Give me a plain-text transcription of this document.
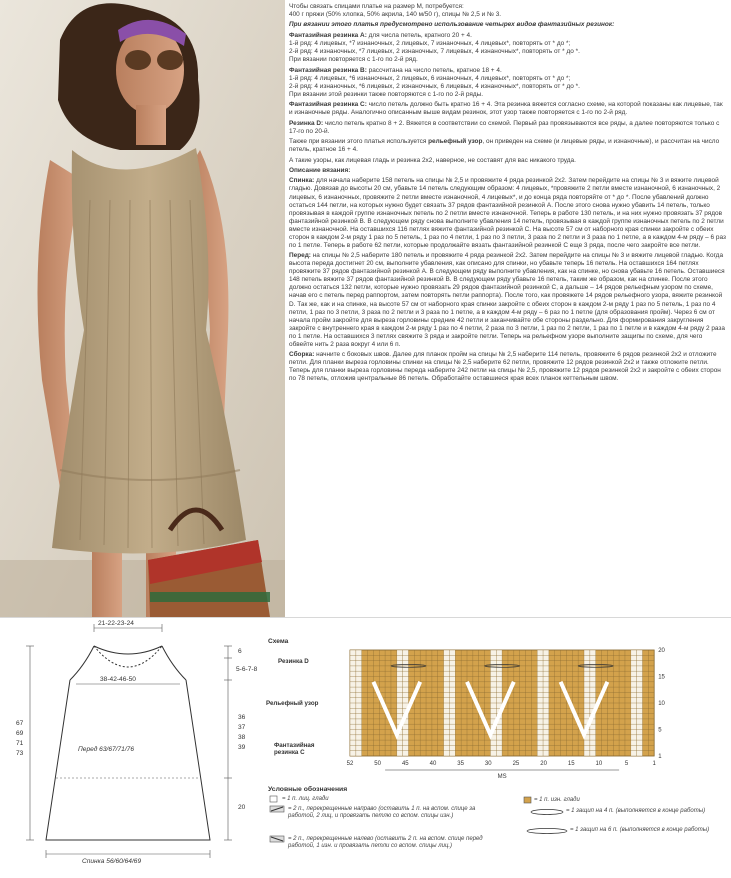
Чтобы связать спицами платье на размер М, потребуется:

400 г пряжи (50% хлопка, 50% акрила, 140 м/50 г), спицы № 2,5 и № 3.

При вязании этого платья предусмотрено использование четырех видов фантазийных резинок:

Фантазийная резинка А: для числа петель, кратного 20 + 4.
1-й ряд: 4 лицевых, *7 изнаночных, 2 лицевых, 7 изнаночных, 4 лицевых*, повторять от * до *;
2-й ряд: 4 изнаночных, *7 лицевых, 2 изнаночных, 7 лицевых, 4 изнаночных*, повторять от * до *.
При вязании повторяется с 1-го по 2-й ряд.

Фантазийная резинка В: рассчитана на число петель, кратное 18 + 4.
1-й ряд: 4 лицевых, *6 изнаночных, 2 лицевых, 6 изнаночных, 4 лицевых*, повторять от * до *;
2-й ряд: 4 изнаночных, *6 лицевых, 2 изнаночных, 6 лицевых, 4 изнаночных*, повторять от * до *.
При вязании этой резинки также повторяются с 1-го по 2-й ряды.

Фантазийная резинка С: число петель должно быть кратно 16 + 4. Эта резинка вяжется согласно схеме, на которой показаны как лицевые, так и изнаночные ряды. Аналогично описанным выше видам резинок, этот узор также повторяется с 1-го по 2-й ряд.

Резинка D: число петель кратно 8 + 2. Вяжется в соответствии со схемой. Первый раз провязываются все ряды, а далее повторяются только с 17-го по 20-й.

Также при вязании этого платья используется рельефный узор, он приведен на схеме (и лицевые ряды, и изнаночные), и рассчитан на число петель, кратное 16 + 4.

А такие узоры, как лицевая гладь и резинка 2х2, наверное, не составят для вас никакого труда.

Описание вязания:

Спинка: для начала наберите 158 петель на спицы № 2,5 и провяжите 4 ряда резинкой 2х2. Затем перейдите на спицы № 3 и вяжите лицевой гладью. Довязав до высоты 20 см, убавьте 14 петель следующим образом: 4 лицевых, *провяжите 2 петли вместе изнаночной, 6 изнаночных, 2 лицевых, 6 изнаночных, провяжите 2 петли вместе изнаночной, 4 лицевых*, и до конца ряда повторяйте от * до *. После убавлений должно остаться 144 петли, на которых нужно будет связать 37 рядов фантазийной резинкой А. После этого снова нужно убавить 14 петель, только провязывая в каждой группе изнаночных петель по 2 петли вместе изнаночной. Теперь в работе 130 петель, и на них нужно провязать 37 рядов фантазийной резинкой В. В следующем ряду снова выполните убавления 14 петель, провязывая в каждой группе изнаночных петель по 2 петли вместе изнаночной. На оставшихся 116 петлях вяжите фантазийной резинкой С. На высоте 57 см от наборного края спинки закройте с обеих сторон в каждом 2-м ряду 1 раз по 5 петель, 1 раз по 4 петли, 1 раз по 3 петли, 3 раза по 2 петли и 3 раза по 1 петле, а в каждом 4-м ряду – 6 раз по 1 петле. Теперь в работе 62 петли, которые продолжайте вязать фантазийной резинкой С еще 3 ряда, после чего закройте все петли.

Перед: на спицы № 2,5 наберите 180 петель и провяжите 4 ряда резинкой 2х2. Затем перейдите на спицы № 3 и вяжите лицевой гладью. Когда высота переда достигнет 20 см, выполните убавления, как описано для спинки, но убавьте теперь 16 петель. На оставшихся 164 петлях провяжите 37 рядов фантазийной резинкой А. В следующем ряду выполните убавления, как на спинке, но снова убавьте 16 петель. Оставшиеся 148 петель вяжите 37 рядов фантазийной резинкой В. В следующем ряду убавьте 16 петель, таким же образом, как на спинке. После этого должно остаться 132 петли, которые нужно провязать 29 рядов фантазийной резинкой С, а дальше – 14 рядов рельефным узором по схеме, начав его с петель перед раппортом, затем повторять петли раппорта). После того, как провяжете 14 рядов рельефного узора, вяжите резинкой D. Так же, как и на спинке, на высоте 57 см от наборного края спинки закройте с обеих сторон в каждом 2-м ряду 1 раз по 5 петель, 1 раз по 4 петли, 1 раз по 3 петли, 3 раза по 2 петли и 3 раза по 1 петле, а в каждом 4-м ряду – 6 раз по 1 петле (для образования пройм). Через 6 см от начала пройм закройте для выреза горловины средние 42 петли и заканчивайте обе стороны раздельно. Для формирования закругления закройте с внутреннего края в каждом 2-м ряду 1 раз по 4 петли, 2 раза по 3 петли, 1 раз по 2 петли, 1 раз по 1 петле и в каждом 4-м ряду 2 раза по 1 петле. На оставшихся 3 петлях свяжите 3 ряда и закройте петли. Теперь на рельефном узоре выполните защипы по схеме, для чего обвейте нить 2 раза вокруг 4 или 6 п.

Сборка: начните с боковых швов. Далее для планок пройм на спицы № 2,5 наберите 114 петель, провяжите 6 рядов резинкой 2х2 и отложите петли. Для планки выреза горловины спинки на спицы № 2,5 наберите 62 петли, провяжите 12 рядов резинкой 2х2 и также отложите петли. Теперь для планки выреза горловины переда наберите 242 петли на спицы № 2,5, провяжите 12 рядов резинкой 2х2 и закройте с обеих сторон по 78 петель, отложив центральные 86 петель. Обработайте оставшиеся края всех планок кеттельным швом.

21-22-23-24
38-42-46-50
Перед 63/67/71/76
67
69
71
73
6
5-6-7-8
36
37
38
39
20
Спинка 56/60/64/69
Схема
Резинка D
Рельефный узор
Фантазийная резинка С
52	50	45	40	35	30	25	20	15	10	5	1
20
15
10
5
1
МS
Условные обозначения
= 1 п. лиц. глади
= 2 п., перекрещенные направо (оставить 1 п. на вспом. спице за работой, 2 лиц, и провязать петлю со вспом. спицы изн.)
= 2 п., перекрещенные налево (оставить 2 п. на вспом. спице перед работой, 1 изн. и провязать петли со вспом. спицы лиц.)
= 1 п. изн. глади
= 1 защип на 4 п. (выполняется в конце работы)
= 1 защип на 6 п. (выполняется в конце работы)
